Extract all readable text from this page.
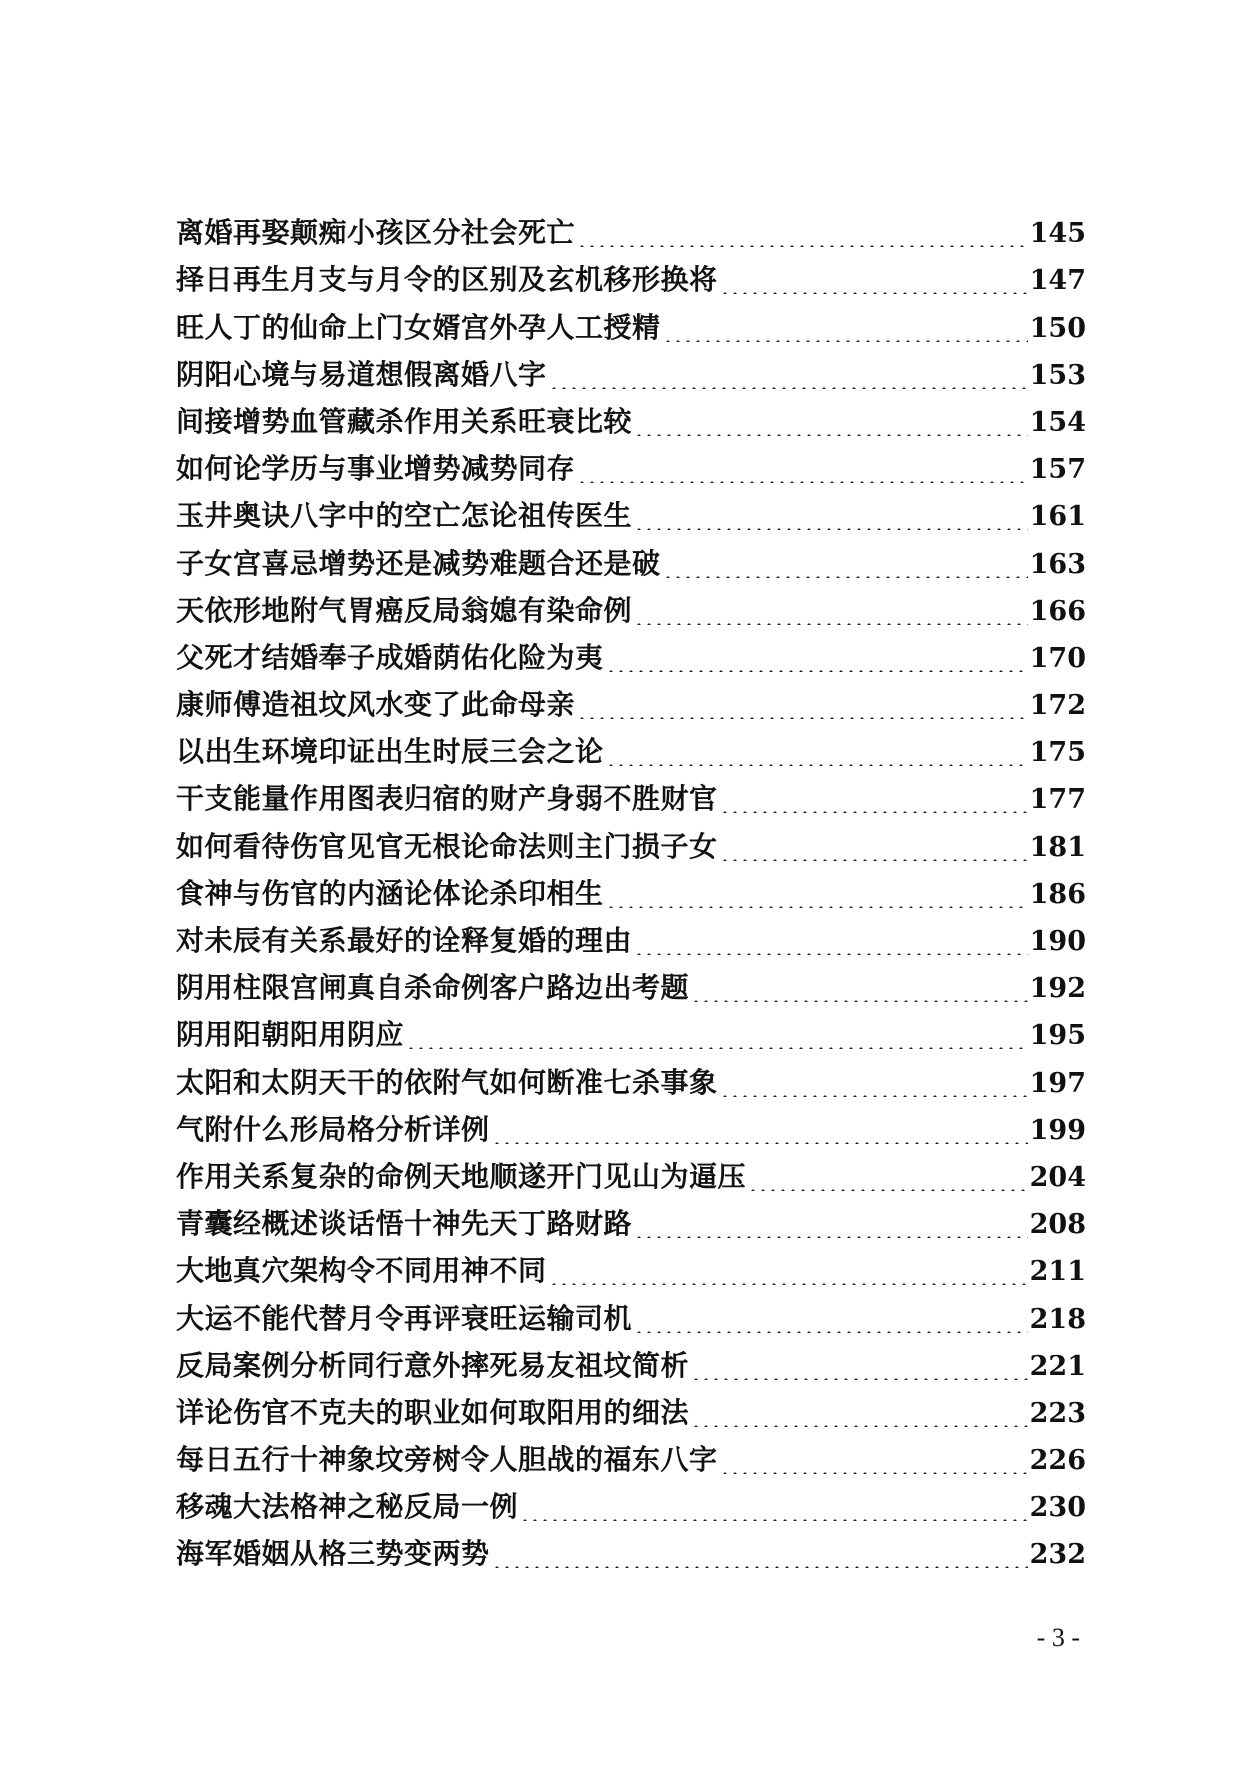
离婚再娶颠痴小孩区分社会死亡	145
择日再生月支与月令的区别及玄机移形换将	147
旺人丁的仙命上门女婿宫外孕人工授精	150
阴阳心境与易道想假离婚八字	153
间接增势血管藏杀作用关系旺衰比较	154
如何论学历与事业增势减势同存	157
玉井奥诀八字中的空亡怎论祖传医生	161
子女宫喜忌增势还是减势难题合还是破	163
天依形地附气胃癌反局翁媳有染命例	166
父死才结婚奉子成婚荫佑化险为夷	170
康师傅造祖坟风水变了此命母亲	172
以出生环境印证出生时辰三会之论	175
干支能量作用图表归宿的财产身弱不胜财官	177
如何看待伤官见官无根论命法则主门损子女	181
食神与伤官的内涵论体论杀印相生	186
对未辰有关系最好的诠释复婚的理由	190
阴用柱限宫闸真自杀命例客户路边出考题	192
阴用阳朝阳用阴应	195
太阳和太阴天干的依附气如何断准七杀事象	197
气附什么形局格分析详例	199
作用关系复杂的命例天地顺遂开门见山为逼压	204
青囊经概述谈话悟十神先天丁路财路	208
大地真穴架构令不同用神不同	211
大运不能代替月令再评衰旺运输司机	218
反局案例分析同行意外摔死易友祖坟简析	221
详论伤官不克夫的职业如何取阳用的细法	223
每日五行十神象坟旁树令人胆战的福东八字	226
移魂大法格神之秘反局一例	230
海军婚姻从格三势变两势	232
- 3 -
